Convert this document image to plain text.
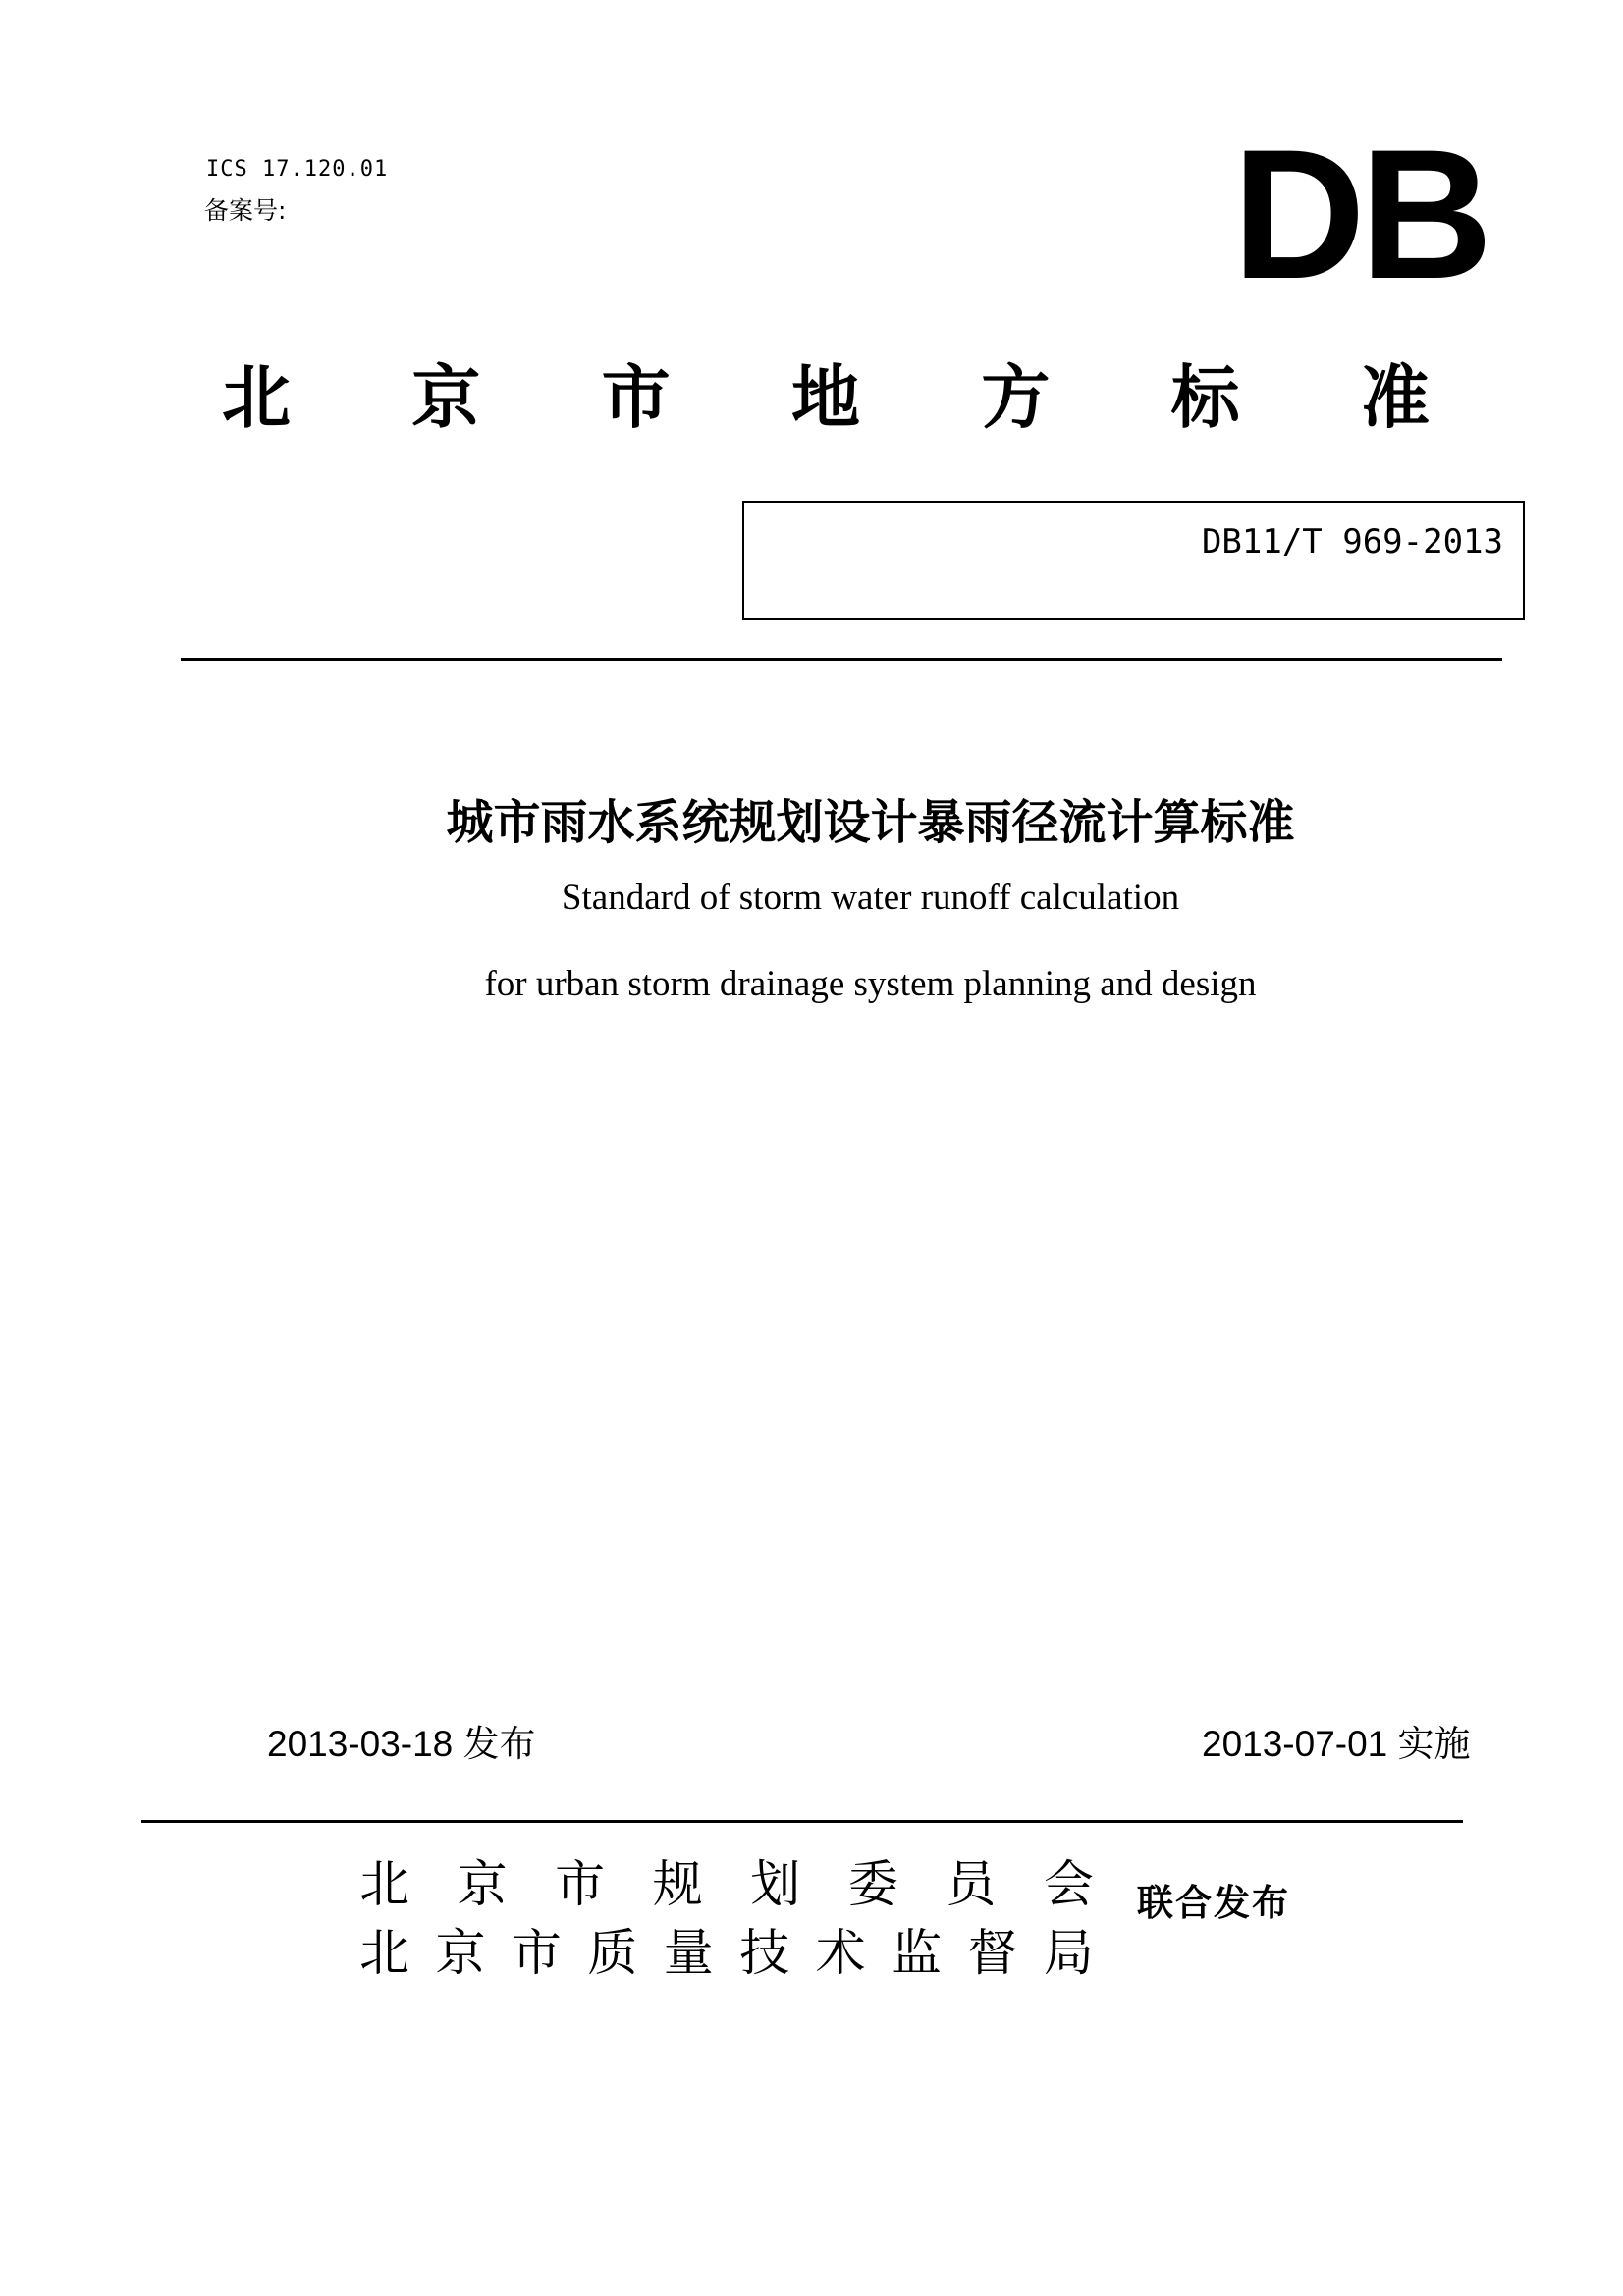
ICS 17.120.01
备案号:	DB
北 京 市 地 方 标 准
DB11/T 969-2013
城市雨水系统规划设计暴雨径流计算标准
Standard of storm water runoff calculation
for urban storm drainage system planning and design
2013-03-18 发布	2013-07-01 实施
北 京 市 规 划 委 员 会
北 京 市 质 量 技 术 监 督 局
联合发布
